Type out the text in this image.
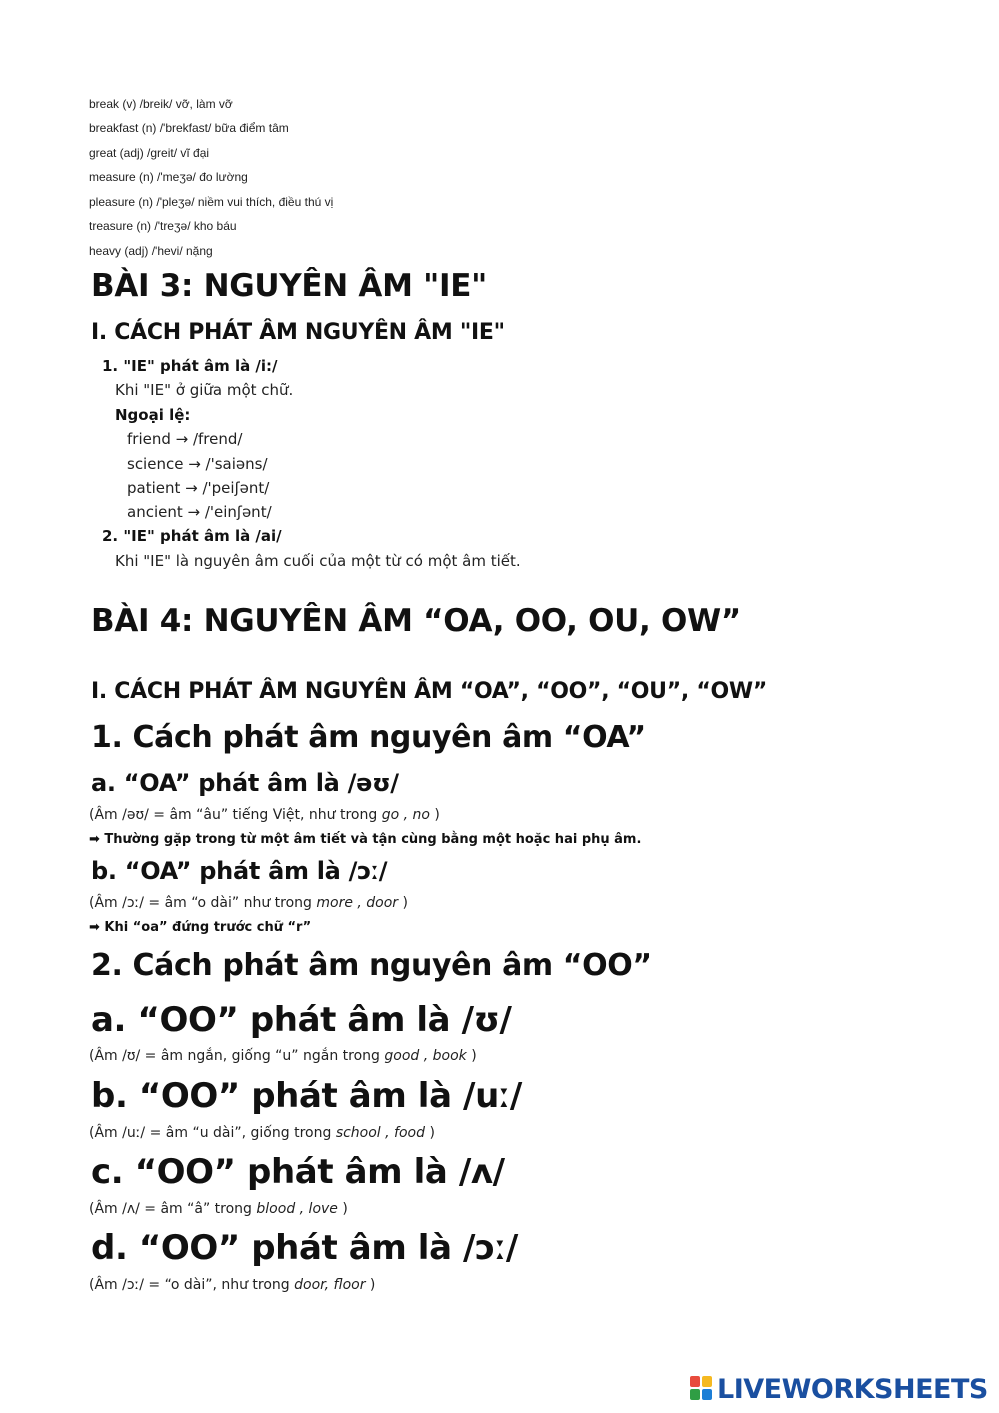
break (v) /breik/ vỡ, làm vỡ
breakfast (n) /'brekfast/ bữa điểm tâm
great (adj) /greit/ vĩ đại
measure (n) /'meʒə/ đo lường
pleasure (n) /'pleʒə/ niềm vui thích, điều thú vị
treasure (n) /'treʒə/ kho báu
heavy (adj) /'hevi/ nặng
BÀI 3: NGUYÊN ÂM "IE"
I. CÁCH PHÁT ÂM NGUYÊN ÂM "IE"
1. "IE" phát âm là /i:/
Khi "IE" ở giữa một chữ.
Ngoại lệ:
friend → /frend/
science → /'saiəns/
patient → /'peiʃənt/
ancient → /'einʃənt/
2. "IE" phát âm là /ai/
Khi "IE" là nguyên âm cuối của một từ có một âm tiết.
BÀI 4: NGUYÊN ÂM “OA, OO, OU, OW”
I. CÁCH PHÁT ÂM NGUYÊN ÂM “OA”, “OO”, “OU”, “OW”
1. Cách phát âm nguyên âm “OA”
a. “OA” phát âm là /əʊ/
(Âm /əʊ/ = âm “âu” tiếng Việt, như trong go , no )
➡ Thường gặp trong từ một âm tiết và tận cùng bằng một hoặc hai phụ âm.
b. “OA” phát âm là /ɔː/
(Âm /ɔː/ = âm “o dài” như trong more , door )
➡ Khi “oa” đứng trước chữ “r”
2. Cách phát âm nguyên âm “OO”
a. “OO” phát âm là /ʊ/
(Âm /ʊ/ = âm ngắn, giống “u” ngắn trong good , book )
b. “OO” phát âm là /uː/
(Âm /uː/ = âm “u dài”, giống trong school , food )
c. “OO” phát âm là /ʌ/
(Âm /ʌ/ = âm “â” trong blood , love )
d. “OO” phát âm là /ɔː/
(Âm /ɔː/ = “o dài”, như trong door, floor )
LIVEWORKSHEETS
